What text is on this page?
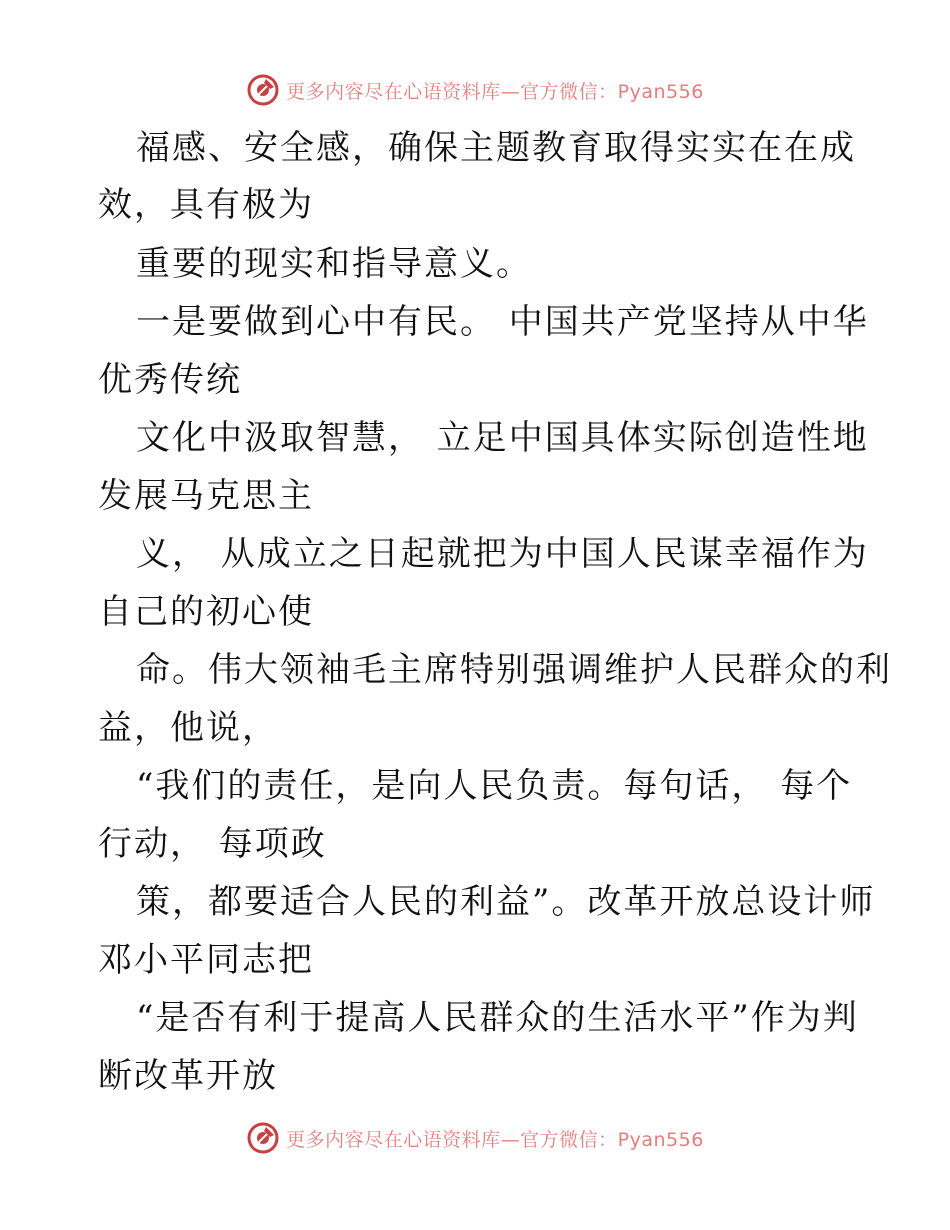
更多内容尽在心语资料库—官方微信：Pyan556
福感、安全感，确保主题教育取得实实在在成
效，具有极为
重要的现实和指导意义。
一是要做到心中有民。 中国共产党坚持从中华
优秀传统
文化中汲取智慧， 立足中国具体实际创造性地
发展马克思主
义， 从成立之日起就把为中国人民谋幸福作为
自己的初心使
命。伟大领袖毛主席特别强调维护人民群众的利
益，他说，
“我们的责任，是向人民负责。每句话， 每个
行动， 每项政
策，都要适合人民的利益”。改革开放总设计师
邓小平同志把
“是否有利于提高人民群众的生活水平”作为判
断改革开放
更多内容尽在心语资料库—官方微信：Pyan556
